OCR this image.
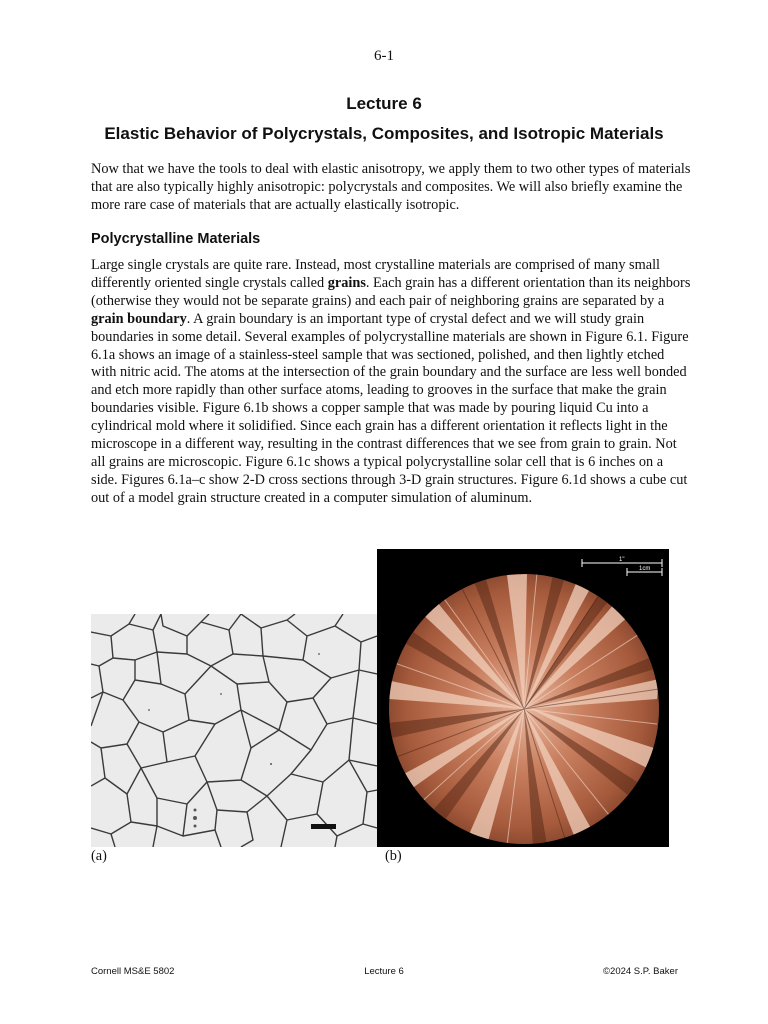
6-1
Lecture 6
Elastic Behavior of Polycrystals, Composites, and Isotropic Materials

Now that we have the tools to deal with elastic anisotropy, we apply them to two other types of materials that are also typically highly anisotropic: polycrystals and composites. We will also briefly examine the more rare case of materials that are actually elastically isotropic.

Polycrystalline Materials

Large single crystals are quite rare. Instead, most crystalline materials are comprised of many small differently oriented single crystals called grains. Each grain has a different orientation than its neighbors (otherwise they would not be separate grains) and each pair of neighboring grains are separated by a grain boundary. A grain boundary is an important type of crystal defect and we will study grain boundaries in some detail. Several examples of polycrystalline materials are shown in Figure 6.1. Figure 6.1a shows an image of a stainless-steel sample that was sectioned, polished, and then lightly etched with nitric acid. The atoms at the intersection of the grain boundary and the surface are less well bonded and etch more rapidly than other surface atoms, leading to grooves in the surface that make the grain boundaries visible. Figure 6.1b shows a copper sample that was made by pouring liquid Cu into a cylindrical mold where it solidified. Since each grain has a different orientation it reflects light in the microscope in a different way, resulting in the contrast differences that we see from grain to grain. Not all grains are microscopic. Figure 6.1c shows a typical polycrystalline solar cell that is 6 inches on a side. Figures 6.1a–c show 2-D cross sections through 3-D grain structures. Figure 6.1d shows a cube cut out of a model grain structure created in a computer simulation of aluminum.

1"
1cm
(a)	(b)
Cornell MS&E 5802	Lecture 6	©2024 S.P. Baker
